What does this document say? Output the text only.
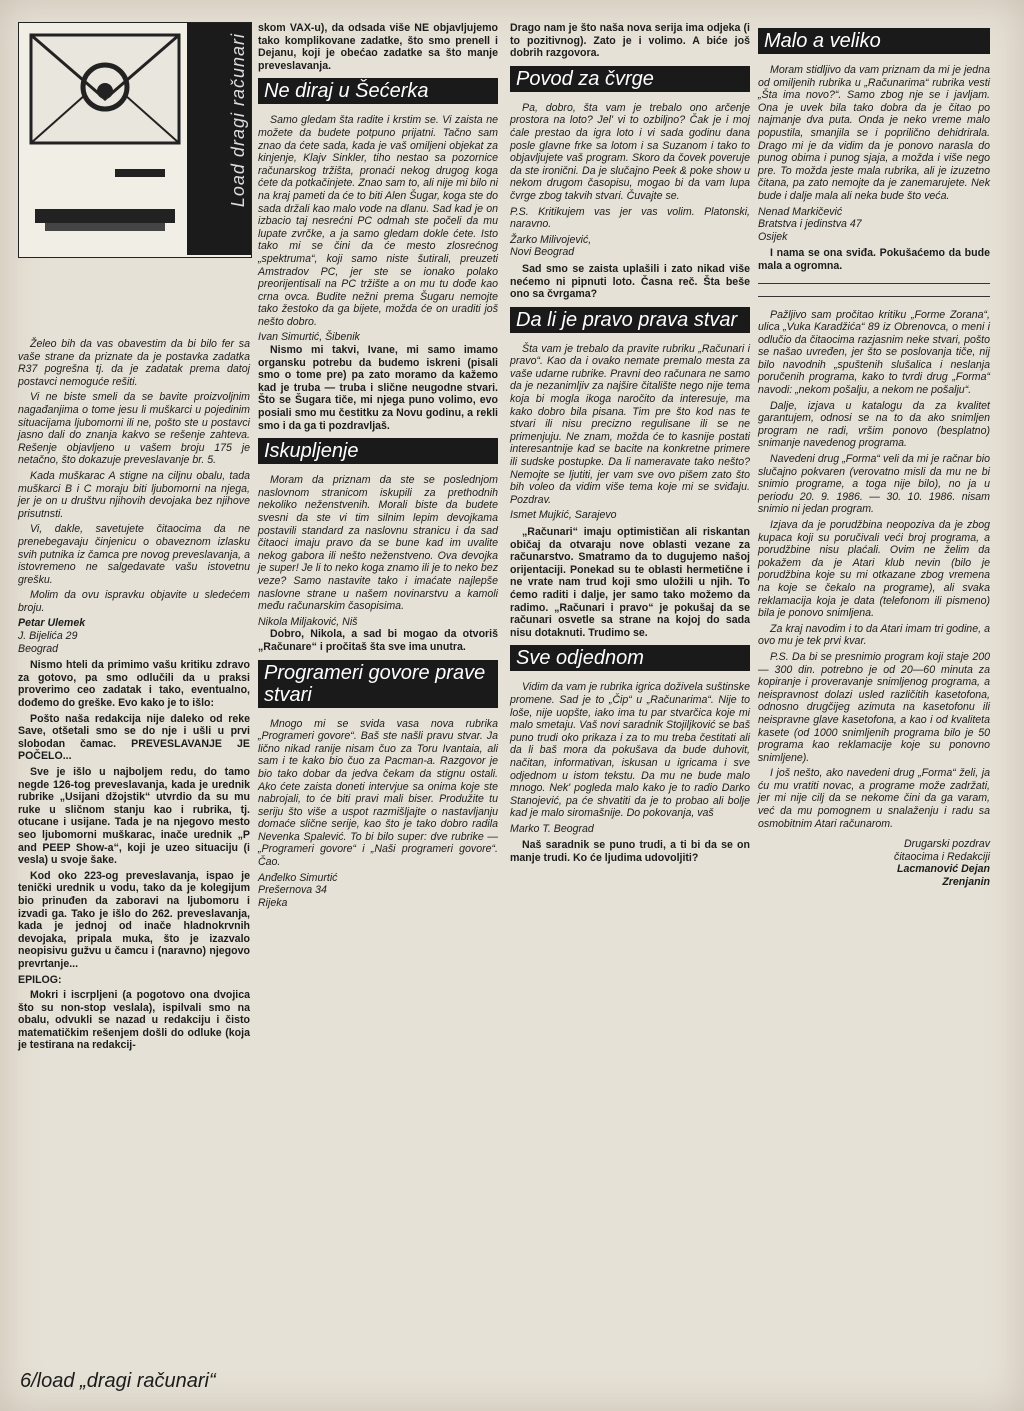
Load dragi računari

Želeo bih da vas obavestim da bi bilo fer sa vaše strane da priznate da je postavka zadatka R37 pogrešna tj. da je zadatak prema datoj postavci nemoguće rešiti.

Vi ne biste smeli da se bavite proizvoljnim nagađanjima o tome jesu li muškarci u pojedinim situacijama ljubomorni ili ne, pošto ste u postavci jasno dali do znanja kakvo se rešenje zahteva. Rešenje objavljeno u vašem broju 175 je netačno, što dokazuje preveslavanje br. 5.

Kada muškarac A stigne na ciljnu obalu, tada muškarci B i C moraju biti ljubomorni na njega, jer je on u društvu njihovih devojaka bez njihove prisutnsti.

Vi, dakle, savetujete čitaocima da ne prenebegavaju činjenicu o obaveznom izlasku svih putnika iz čamca pre novog preveslavanja, a istovremeno ne salgedavate vašu istovetnu grešku.

Molim da ovu ispravku objavite u sledećem broju.

Petar Ulemek

J. Bijelića 29

Beograd

Nismo hteli da primimo vašu kritiku zdravo za gotovo, pa smo odlučili da u praksi proverimo ceo zadatak i tako, eventualno, dođemo do greške. Evo kako je to išlo:

Pošto naša redakcija nije daleko od reke Save, otšetali smo se do nje i ušli u prvi slobodan čamac. PREVESLAVANJE JE POČELO...

Sve je išlo u najboljem redu, do tamo negde 126-tog preveslavanja, kada je urednik rubrike „Usijani džojstik“ utvrdio da su mu ruke u sličnom stanju kao i rubrika, tj. otucane i usijane. Tada je na njegovo mesto seo ljubomorni muškarac, inače urednik „P and PEEP Show-a“, koji je uzeo situaciju (i vesla) u svoje šake.

Kod oko 223-og preveslavanja, ispao je tenički urednik u vodu, tako da je kolegijum bio prinuđen da zaboravi na ljubomoru i izvadi ga. Tako je išlo do 262. preveslavanja, kada je jednoj od inače hladnokrvnih devojaka, pripala muka, što je izazvalo neopisivu gužvu u čamcu i (naravno) njegovo prevrtanje...

EPILOG:

Mokri i iscrpljeni (a pogotovo ona dvojica što su non-stop veslala), ispilvali smo na obalu, odvukli se nazad u redakciju i čisto matematičkim rešenjem došli do odluke (koja je testirana na redakcij-

skom VAX-u), da odsada više NE objavljujemo tako komplikovane zadatke, što smo prenell i Dejanu, koji je obećao zadatke sa što manje preveslavanja.

Ne diraj u Šećerka

Samo gledam šta radite i krstim se. Vi zaista ne možete da budete potpuno prijatni. Tačno sam znao da ćete sada, kada je vaš omiljeni objekat za kinjenje, Klajv Sinkler, tiho nestao sa pozornice računarskog tržišta, pronaći nekog drugog koga ćete da potkačinjete. Znao sam to, ali nije mi bilo ni na kraj pameti da će to biti Alen Šugar, koga ste do sada držali kao malo vode na dlanu. Sad kad je on izbacio taj nesrećni PC odmah ste počeli da mu lupate zvrčke, a ja samo gledam dokle ćete. Isto tako mi se čini da će mesto zlosrećnog „spektruma“, koji samo niste šutirali, preuzeti Amstradov PC, jer ste se ionako polako preorijentisali na PC tržište a on mu tu dođe kao crna ovca. Budite nežni prema Šugaru nemojte tako žestoko da ga bijete, možda će on uraditi još nešto dobro.

Ivan Simurtić, Šibenik

Nismo mi takvi, Ivane, mi samo imamo organsku potrebu da budemo iskreni (pisali smo o tome pre) pa zato moramo da kažemo kad je truba — truba i slične neugodne stvari. Što se Šugara tiče, mi njega puno volimo, evo posiali smo mu čestitku za Novu godinu, a rekli smo i da ga ti pozdravljaš.

Iskupljenje

Moram da priznam da ste se poslednjom naslovnom stranicom iskupili za prethodnih nekoliko neženstvenih. Morali biste da budete svesni da ste vi tim silnim lepim devojkama postavili standard za naslovnu stranicu i da sad čitaoci imaju pravo da se bune kad im uvalite nekog gabora ili nešto neženstveno. Ova devojka je super! Je li to neko koga znamo ili je to neko bez veze? Samo nastavite tako i imaćate najlepše naslovne strane u našem novinarstvu a kamoli među računarskim časopisima.

Nikola Miljaković, Niš

Dobro, Nikola, a sad bi mogao da otvoriš „Računare“ i pročitaš šta sve ima unutra.

Programeri govore prave stvari

Mnogo mi se svida vasa nova rubrika „Programeri govore“. Baš ste našli pravu stvar. Ja lično nikad ranije nisam čuo za Toru Ivantaia, ali sam i te kako bio čuo za Pacman-a. Razgovor je bio tako dobar da jedva čekam da stignu ostali. Ako ćete zaista doneti intervjue sa onima koje ste nabrojali, to će biti pravi mali biser. Produžite tu seriju što više a uspot razmišljajte o nastavljanju domaće slične serije, kao što je tako dobro radila Nevenka Spalević. To bi bilo super: dve rubrike — „Programeri govore“ i „Naši programeri govore“. Čao.

Anđelko Simurtić

Prešernova 34

Rijeka

Drago nam je što naša nova serija ima odjeka (i to pozitivnog). Zato je i volimo. A biće još dobrih razgovora.

Povod za čvrge

Pa, dobro, šta vam je trebalo ono arčenje prostora na loto? Jel' vi to ozbiljno? Čak je i moj ćale prestao da igra loto i vi sada godinu dana posle glavne frke sa lotom i sa Suzanom i tako to objavljujete vaš program. Skoro da čovek poveruje da ste ironični. Da je slučajno Peek & poke show u nekom drugom časopisu, mogao bi da vam lupa čvrge zbog takvih stvari. Čuvajte se.

P.S. Kritikujem vas jer vas volim. Platonski, naravno.

Žarko Milivojević,

Novi Beograd

Sad smo se zaista uplašili i zato nikad više nećemo ni pipnuti loto. Časna reč. Šta beše ono sa čvrgama?

Da li je pravo prava stvar

Šta vam je trebalo da pravite rubriku „Računari i pravo“. Kao da i ovako nemate premalo mesta za vaše udarne rubrike. Pravni deo računara ne samo da je nezanimljiv za najšire čitalište nego nije tema koja bi mogla ikoga naročito da interesuje, ma kako dobro bila pisana. Tim pre što kod nas te stvari ili nisu precizno regulisane ili se ne primenjuju. Ne znam, možda će to kasnije postati interesantnije kad se bacite na konkretne primere ili sudske postupke. Da li nameravate tako nešto? Nemojte se ljutiti, jer vam sve ovo pišem zato što bih voleo da vidim više tema koje mi se sviđaju. Pozdrav.

Ismet Mujkić, Sarajevo

„Računari“ imaju optimističan ali riskantan običaj da otvaraju nove oblasti vezane za računarstvo. Smatramo da to dugujemo našoj orijentaciji. Ponekad su te oblasti hermetične i ne vrate nam trud koji smo uložili u njih. To ćemo raditi i dalje, jer samo tako možemo da radimo. „Računari i pravo“ je pokušaj da se računari osvetle sa strane na kojoj do sada nisu dotaknuti. Trudimo se.

Sve odjednom

Vidim da vam je rubrika igrica doživela suštinske promene. Sad je to „Čip“ u „Računarima“. Nije to loše, nije uopšte, iako ima tu par stvarčica koje mi malo smetaju. Vaš novi saradnik Stojiljković se baš puno trudi oko prikaza i za to mu treba čestitati ali da li baš mora da pokušava da bude duhovit, načitan, informativan, iskusan u igricama i sve odjednom u istom tekstu. Da mu ne bude malo mnogo. Nek' pogleda malo kako je to radio Darko Stanojević, pa će shvatiti da je to probao ali bolje kad je malo siromašnije. Do pokovanja, vaš

Marko T. Beograd

Naš saradnik se puno trudi, a ti bi da se on manje trudi. Ko će ljudima udovoljiti?

Malo a veliko

Moram stidljivo da vam priznam da mi je jedna od omiljenih rubrika u „Računarima“ rubrika vesti „Šta ima novo?“. Samo zbog nje se i javljam. Ona je uvek bila tako dobra da je čitao po najmanje dva puta. Onda je neko vreme malo popustila, smanjila se i popriličnо dehidrirala. Drago mi je da vidim da je ponovo narasla do punog obima i punog sjaja, a možda i više nego pre. To možda jeste mala rubrika, ali je izuzetno čitana, pa zato nemojte da je zanemarujete. Nek bude i dalje mala ali neka bude što veća.

Nenad Markičević

Bratstva i jedinstva 47

Osijek

I nama se ona sviđa. Pokušaćemo da bude mala a ogromna.

Pažljivo sam pročitao kritiku „Forme Zorana“, ulica „Vuka Karadžića“ 89 iz Obrenovca, o meni i odlučio da čitaocima razjasnim neke stvari, pošto se našao uvređen, jer što se poslovanja tiče, niј bilo navodnih „spuštenih slušalica i neslanja poručenih programa, kako to tvrdi drug „Forma“ navodi: „nekom pošalju, a nekom ne pošalju“.

Dalje, izjava u katalogu da za kvalitet garantujem, odnosi se na to da ako snimljen program ne radi, vršim ponovo (besplatno) snimanje navedenog programa.

Navedeni drug „Forma“ veli da mi je račnar bio slučajno pokvaren (verovatno misli da mu ne bi snimio programe, a toga nije bilo), no ja u periodu 20. 9. 1986. — 30. 10. 1986. nisam snimio ni jedan program.

Izjava da je porudžbina neopoziva da je zbog kupaca koji su poručivali veći broj programa, a porudžbine nisu plaćali. Ovim ne želim da pokažem da je Atari klub nevin (bilo je porudžbina koje su mi otkazane zbog vremena na koje se čekalo na programe), ali svaka reklamacija koja je data (telefonom ili pismeno) bila je ponovo snimljena.

Za kraj navodim i to da Atari imam tri godine, a ovo mu je tek prvi kvar.

P.S. Da bi se presnimio program koji staje 200 — 300 din. potrebno je od 20—60 minuta za kopiranje i proveravanje snimljenog programa, a neispravnost dolazi usled različitih kasetofona, odnosno drugčijeg azimuta na kasetofonu ili neispravne glave kasetofona, a kao i od kvaliteta kasete (od 1000 snimljenih programa bilo je 50 programa kao reklamacije koje su ponovno snimljene).

I još nešto, ako navedeni drug „Forma“ želi, ja ću mu vratiti novac, a programe može zadržati, jer mi nije cilj da se nekome čini da ga varam, već da mu pomognem u snalaženju i radu sa osmobitnim Atari računarom.

Drugarski pozdrav

čitaocima i Redakciji

Lacmanović Dejan

Zrenjanin

6/load „dragi računari“
